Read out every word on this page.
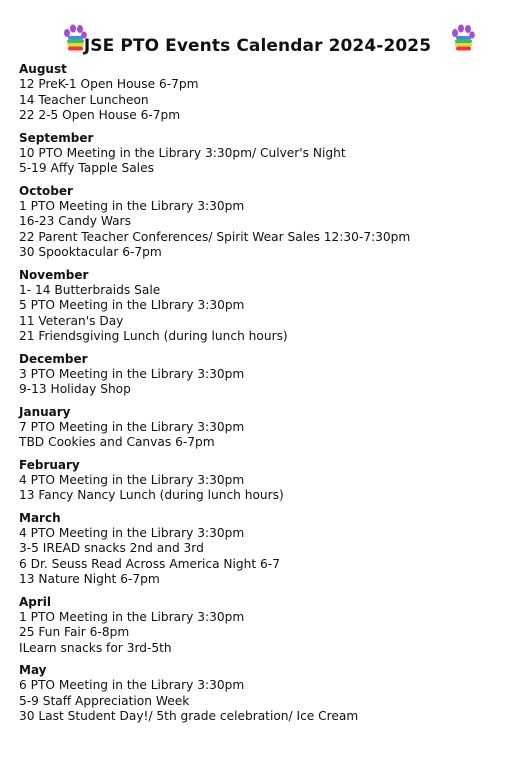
JSE PTO Events Calendar 2024-2025
August
12 PreK-1 Open House 6-7pm
14 Teacher Luncheon
22 2-5 Open House 6-7pm
September
10 PTO Meeting in the Library 3:30pm/ Culver's Night
5-19 Affy Tapple Sales
October
1 PTO Meeting in the Library 3:30pm
16-23 Candy Wars
22 Parent Teacher Conferences/ Spirit Wear Sales 12:30-7:30pm
30 Spooktacular 6-7pm
November
1- 14 Butterbraids Sale
5 PTO Meeting in the LIbrary 3:30pm
11 Veteran's Day
21 Friendsgiving Lunch (during lunch hours)
December
3 PTO Meeting in the Library 3:30pm
9-13 Holiday Shop
January
7 PTO Meeting in the Library 3:30pm
TBD Cookies and Canvas 6-7pm
February
4 PTO Meeting in the Library 3:30pm
13 Fancy Nancy Lunch (during lunch hours)
March
4 PTO Meeting in the Library 3:30pm
3-5 IREAD snacks 2nd and 3rd
6 Dr. Seuss Read Across America Night 6-7
13 Nature Night 6-7pm
April
1 PTO Meeting in the Library 3:30pm
25 Fun Fair 6-8pm
ILearn snacks for 3rd-5th
May
6 PTO Meeting in the Library 3:30pm
5-9 Staff Appreciation Week
30 Last Student Day!/ 5th grade celebration/ Ice Cream
